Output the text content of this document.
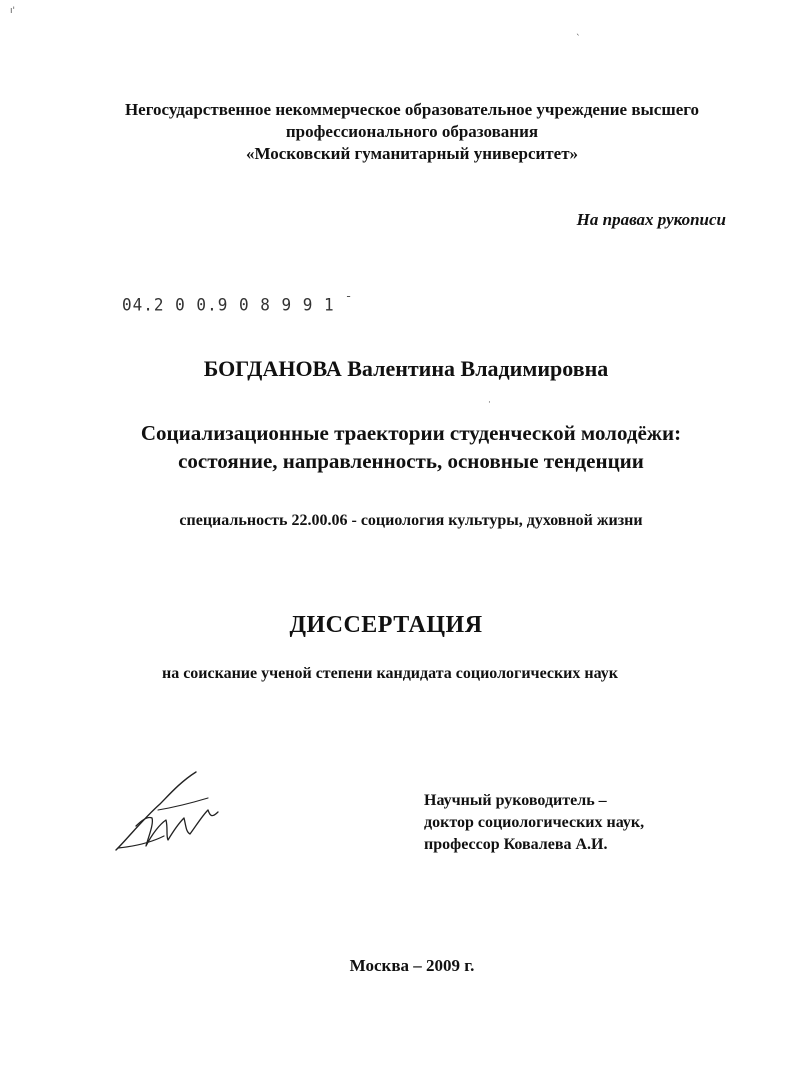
ı'
ˋ
Негосударственное некоммерческое образовательное учреждение высшего
профессионального образования
«Московский гуманитарный университет»
На правах рукописи
04.2 0 0.9 0 8 9 9 1 $^ˉ$
БОГДАНОВА Валентина Владимировна
Социализационные траектории студенческой молодёжи:
состояние, направленность, основные тенденции
специальность 22.00.06 - социология культуры, духовной жизни
ДИССЕРТАЦИЯ
на соискание ученой степени кандидата социологических наук
Научный руководитель –
доктор социологических наук,
профессор Ковалева А.И.
Москва – 2009 г.
·
